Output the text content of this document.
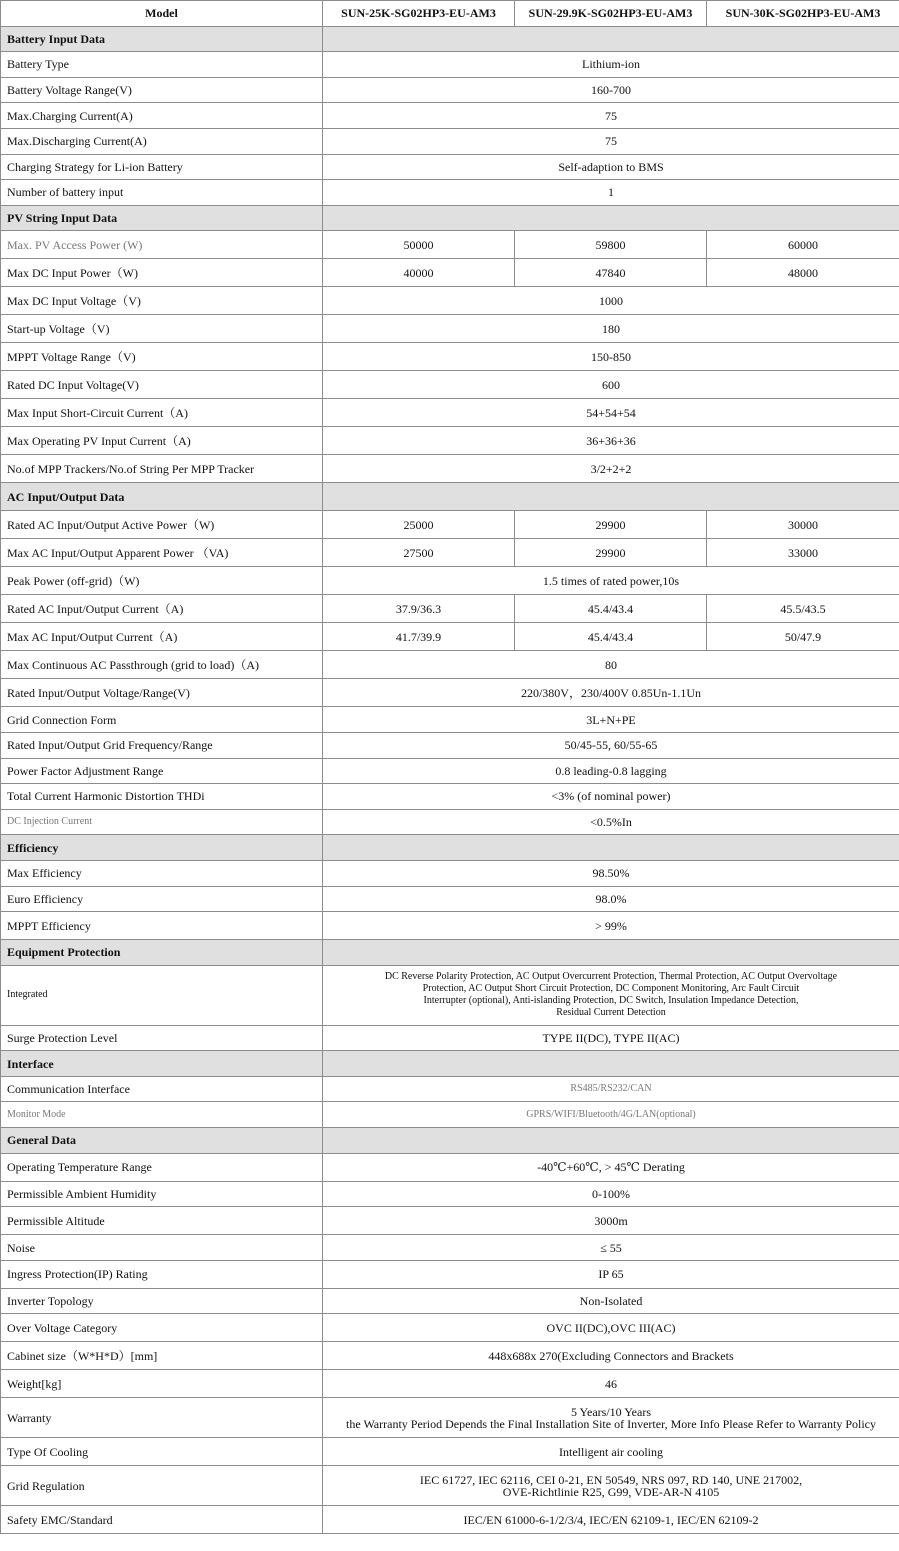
Model	SUN-25K-SG02HP3-EU-AM3	SUN-29.9K-SG02HP3-EU-AM3	SUN-30K-SG02HP3-EU-AM3
Battery Input Data			
Battery Type	Lithium-ion		
Battery Voltage Range(V)	160-700		
Max.Charging Current(A)	75		
Max.Discharging Current(A)	75		
Charging Strategy for Li-ion Battery	Self-adaption to BMS		
Number of battery input	1		
PV String Input Data			
Max. PV Access Power (W)	50000	59800	60000
Max DC Input Power（W)	40000	47840	48000
Max DC Input Voltage（V)	1000		
Start-up Voltage（V)	180		
MPPT Voltage Range（V)	150-850		
Rated DC Input Voltage(V)	600		
Max Input Short-Circuit Current（A)	54+54+54		
Max Operating PV Input Current（A)	36+36+36		
No.of MPP Trackers/No.of String Per MPP Tracker	3/2+2+2		
AC Input/Output Data			
Rated AC Input/Output Active Power（W)	25000	29900	30000
Max AC Input/Output Apparent Power （VA)	27500	29900	33000
Peak Power (off-grid)（W)	1.5 times of rated power,10s		
Rated AC Input/Output Current（A)	37.9/36.3	45.4/43.4	45.5/43.5
Max AC Input/Output Current（A)	41.7/39.9	45.4/43.4	50/47.9
Max Continuous AC Passthrough (grid to load)（A)	80		
Rated Input/Output Voltage/Range(V)	220/380V，230/400V 0.85Un-1.1Un		
Grid Connection Form	3L+N+PE		
Rated Input/Output Grid Frequency/Range	50/45-55, 60/55-65		
Power Factor Adjustment Range	0.8 leading-0.8 lagging		
Total Current Harmonic Distortion THDi	<3% (of nominal power)		
DC Injection Current	<0.5%In		
Efficiency			
Max Efficiency	98.50%		
Euro Efficiency	98.0%		
MPPT Efficiency	> 99%		
Equipment Protection			
Integrated	DC Reverse Polarity Protection, AC Output Overcurrent Protection, Thermal Protection, AC Output Overvoltage
Protection, AC Output Short Circuit Protection, DC Component Monitoring, Arc Fault Circuit
Interrupter (optional), Anti-islanding Protection, DC Switch, Insulation Impedance Detection,
Residual Current Detection		

Surge Protection Level	TYPE II(DC), TYPE II(AC)		
Interface			
Communication Interface	RS485/RS232/CAN		
Monitor Mode	GPRS/WIFI/Bluetooth/4G/LAN(optional)		
General Data			
Operating Temperature Range	-40℃+60℃, > 45℃ Derating		
Permissible Ambient Humidity	0-100%		
Permissible Altitude	3000m		
Noise	≤ 55		
Ingress Protection(IP) Rating	IP 65		
Inverter Topology	Non-Isolated		
Over Voltage Category	OVC II(DC),OVC III(AC)		
Cabinet size（W*H*D）[mm]	448x688x 270(Excluding Connectors and Brackets		
Weight[kg]	46		
Warranty	5 Years/10 Years
the Warranty Period Depends the Final Installation Site of Inverter, More Info Please Refer to Warranty Policy		

Type Of Cooling	Intelligent air cooling		
Grid Regulation	IEC 61727, IEC 62116, CEI 0-21, EN 50549, NRS 097, RD 140, UNE 217002,
OVE-Richtlinie R25, G99, VDE-AR-N 4105		

Safety EMC/Standard	IEC/EN 61000-6-1/2/3/4, IEC/EN 62109-1, IEC/EN 62109-2		
